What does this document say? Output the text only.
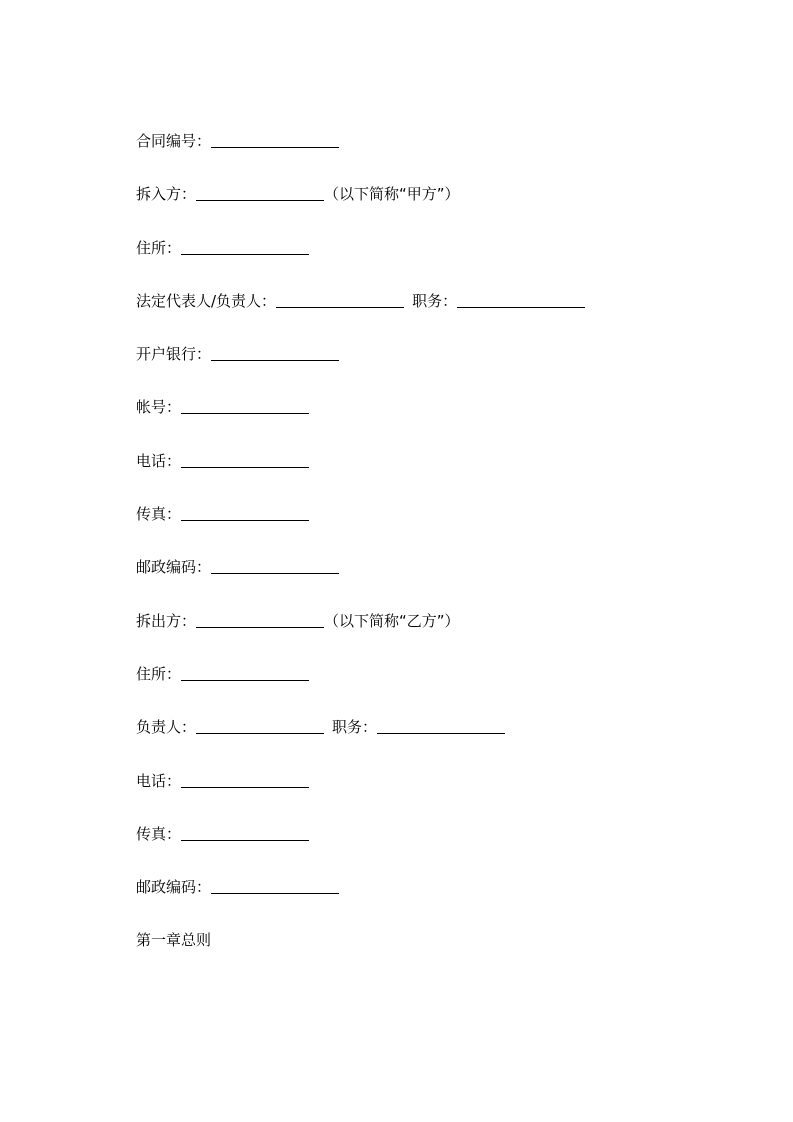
合同编号：
拆入方：	（以下简称“甲方”）
住所：
法定代表人/负责人：	职务：
开户银行：
帐号：
电话：
传真：
邮政编码：
拆出方：	（以下简称“乙方”）
住所：
负责人：	职务：
电话：
传真：
邮政编码：
第一章总则
